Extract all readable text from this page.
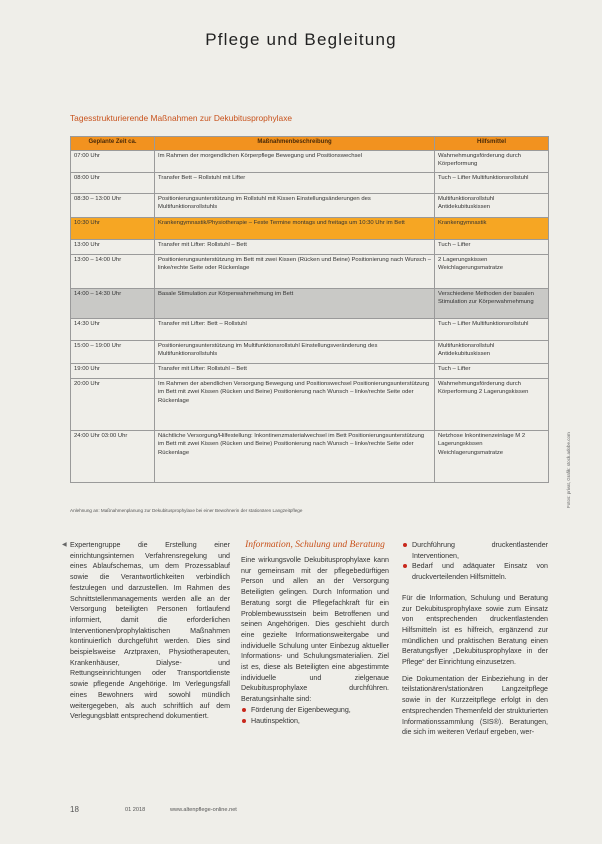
Pflege und Begleitung
Tagesstrukturierende Maßnahmen zur Dekubitusprophylaxe
Geplante Zeit ca.	Maßnahmenbeschreibung	Hilfsmittel
07:00 Uhr	Im Rahmen der morgendlichen Körperpflege Bewegung und Positionswechsel	Wahrnehmungsförderung durch Körperformung
08:00 Uhr	Transfer Bett – Rollstuhl mit Lifter	Tuch – Lifter Multifunktionsrollstuhl
08:30 – 13:00 Uhr	Positionierungsunterstützung im Rollstuhl mit Kissen Einstellungsänderungen des Multifunktionsrollstuhls	Multifunktionsrollstuhl Antidekubituskissen
10:30 Uhr	Krankengymnastik/Physiotherapie – Feste Termine montags und freitags um 10:30 Uhr im Bett	Krankengymnastik
13:00 Uhr	Transfer mit Lifter: Rollstuhl – Bett	Tuch – Lifter
13:00 – 14:00 Uhr	Positionierungsunterstützung im Bett mit zwei Kissen (Rücken und Beine) Positionierung nach Wunsch – linke/rechte Seite oder Rückenlage	2 Lagerungskissen Weichlagerungsmatratze
14:00 – 14:30 Uhr	Basale Stimulation zur Körperwahrnehmung im Bett	Verschiedene Methoden der basalen Stimulation zur Körperwahrnehmung
14:30 Uhr	Transfer mit Lifter: Bett – Rollstuhl	Tuch – Lifter Multifunktionsrollstuhl
15:00 – 19:00 Uhr	Positionierungsunterstützung im Multifunktionsrollstuhl Einstellungsveränderung des Multifunktionsrollstuhls	Multifunktionsrollstuhl Antidekubituskissen
19:00 Uhr	Transfer mit Lifter: Rollstuhl – Bett	Tuch – Lifter
20:00 Uhr	Im Rahmen der abendlichen Versorgung Bewegung und Positionswechsel Positionierungsunterstützung im Bett mit zwei Kissen (Rücken und Beine) Positionierung nach Wunsch – linke/rechte Seite oder Rückenlage	Wahrnehmungsförderung durch Körperformung 2 Lagerungskissen
24:00 Uhr 03:00 Uhr	Nächtliche Versorgung/Hilfestellung: Inkontinenzmaterialwechsel im Bett Positionierungsunterstützung im Bett mit zwei Kissen (Rücken und Beine) Positionierung nach Wunsch – linke/rechte Seite oder Rückenlage	Netzhose Inkontinenzeinlage M 2 Lagerungskissen Weichlagerungsmatratze
Anlehnung an: Maßnahmenplanung zur Dekubitusprophylaxe bei einer Bewohnerin der stationären Langzeitpflege
Fotos: privat, Grafik: stock.adobe.com
◀ Expertengruppe die Erstellung einer einrichtungsinternen Verfahrensregelung und eines Ablaufschemas, um dem Prozessablauf sowie die Verantwortlichkeiten verbindlich festzulegen und darzustellen. Im Rahmen des Schnittstellenmanagements werden alle an der Versorgung beteiligten Personen fortlaufend informiert, damit die erforderlichen Interventionen/prophylaktischen Maßnahmen kontinuierlich durchgeführt werden. Dies sind beispielsweise Arztpraxen, Physiotherapeuten, Krankenhäuser, Dialyse- und Rettungseinrichtungen oder Transportdienste sowie pflegende Angehörige. Im Verlegungsfall eines Bewohners wird sowohl mündlich weitergegeben, als auch schriftlich auf dem Verlegungsblatt entsprechend dokumentiert.

Information, Schulung und Beratung

Eine wirkungsvolle Dekubitusprophylaxe kann nur gemeinsam mit der pflegebedürftigen Person und allen an der Versorgung Beteiligten gelingen. Durch Information und Beratung sorgt die Pflegefachkraft für ein Problembewusstsein beim Betroffenen und seinen Angehörigen. Dies geschieht durch eine gezielte Informationsweitergabe und individuelle Schulung unter Einbezug aktueller Informations- und Schulungsmaterialien. Ziel ist es, diese als Beteiligten eine abgestimmte individuelle und zielgenaue Dekubitusprophylaxe durchführen. Beratungsinhalte sind:

Förderung der Eigenbewegung,
Hautinspektion,
Durchführung druckentlastender Interventionen,
Bedarf und adäquater Einsatz von druckverteilenden Hilfsmitteln.

Für die Information, Schulung und Beratung zur Dekubitusprophylaxe sowie zum Einsatz von entsprechenden druckentlastenden Hilfsmitteln ist es hilfreich, ergänzend zur mündlichen und praktischen Beratung einen Beratungsflyer „Dekubitusprophylaxe in der Pflege“ der Einrichtung einzusetzen.

Die Dokumentation der Einbeziehung in der teilstationären/stationären Langzeitpflege sowie in der Kurzzeitpflege erfolgt in den entsprechenden Themenfeld der strukturierten Informationssammlung (SIS®). Beratungen, die sich im weiteren Verlauf ergeben, wer-

18	01 2018	www.altenpflege-online.net
